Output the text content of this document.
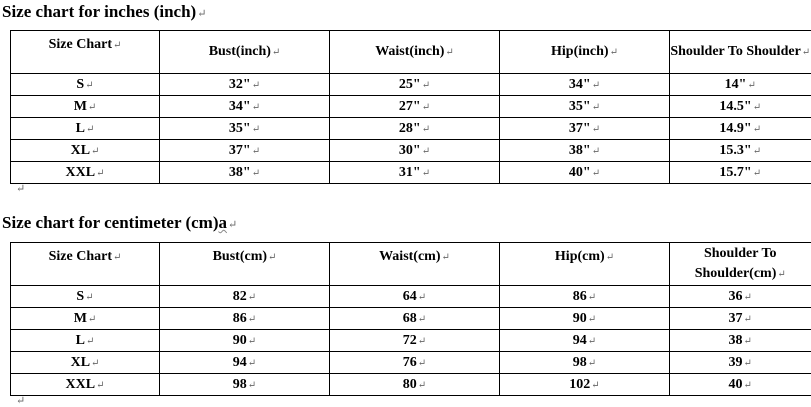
Size chart for inches (inch)↵
Size Chart↵	Bust(inch)↵	Waist(inch)↵	Hip(inch)↵	Shoulder To Shoulder↵
S↵	32"↵	25"↵	34"↵	14"↵
M↵	34"↵	27"↵	35"↵	14.5"↵
L↵	35"↵	28"↵	37"↵	14.9"↵
XL↵	37"↵	30"↵	38"↵	15.3"↵
XXL↵	38"↵	31"↵	40"↵	15.7"↵
↵
Size chart for centimeter (cm)a↵
Size Chart↵	Bust(cm)↵	Waist(cm)↵	Hip(cm)↵	Shoulder To Shoulder(cm)↵
S↵	82↵	64↵	86↵	36↵
M↵	86↵	68↵	90↵	37↵
L↵	90↵	72↵	94↵	38↵
XL↵	94↵	76↵	98↵	39↵
XXL↵	98↵	80↵	102↵	40↵
↵
